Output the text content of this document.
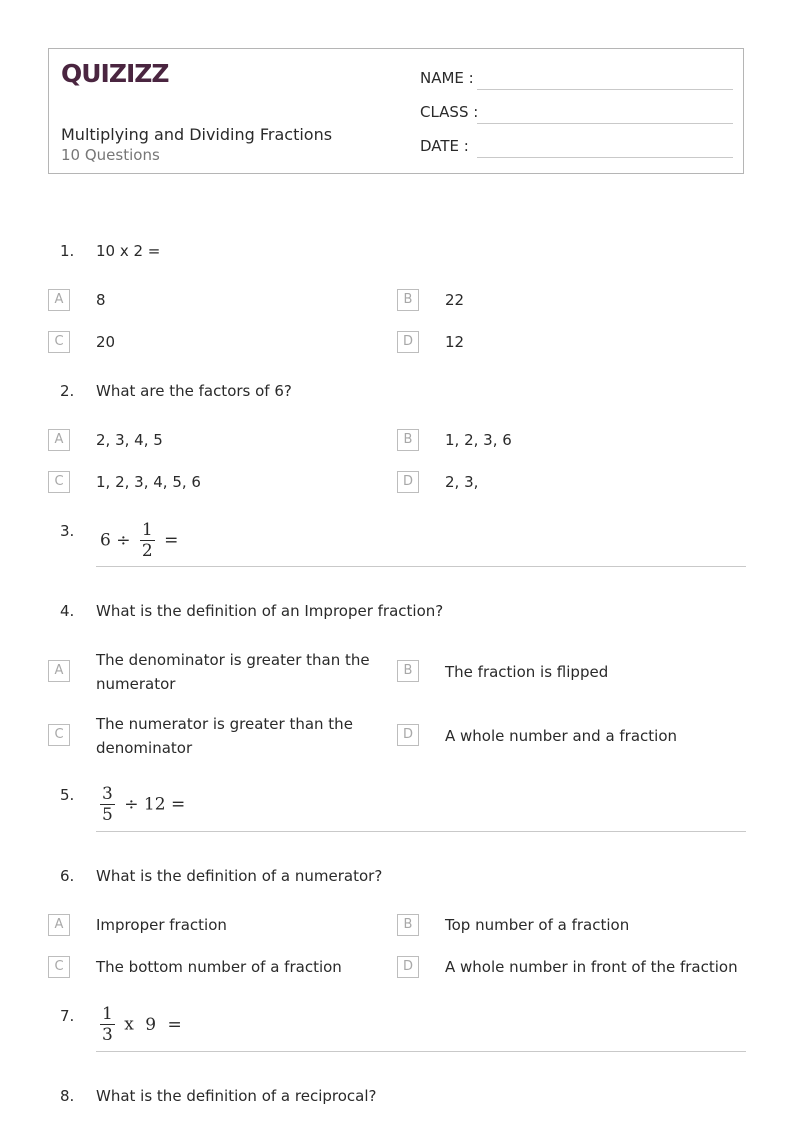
QUIZIZZ
Multiplying and Dividing Fractions
10 Questions
NAME :
CLASS :
DATE :
1. 10 x 2 =
A	8	B	22
C	20	D	12
2. What are the factors of 6?
A	2, 3, 4, 5	B	1, 2, 3, 6
C	1, 2, 3, 4, 5, 6	D	2, 3,
3. $6 \div \frac{1}{2}$ =
4. What is the definition of an Improper fraction?
A
The denominator is greater than the numerator
B	The fraction is flipped
C
The numerator is greater than the denominator
D	A whole number and a fraction
5. $\frac{3}{5} \div 12$ =
6. What is the definition of a numerator?
A	Improper fraction	B	Top number of a fraction
C	The bottom number of a fraction	D	A whole number in front of the fraction
7. $\frac{1}{3}$ x 9 =
8. What is the definition of a reciprocal?
